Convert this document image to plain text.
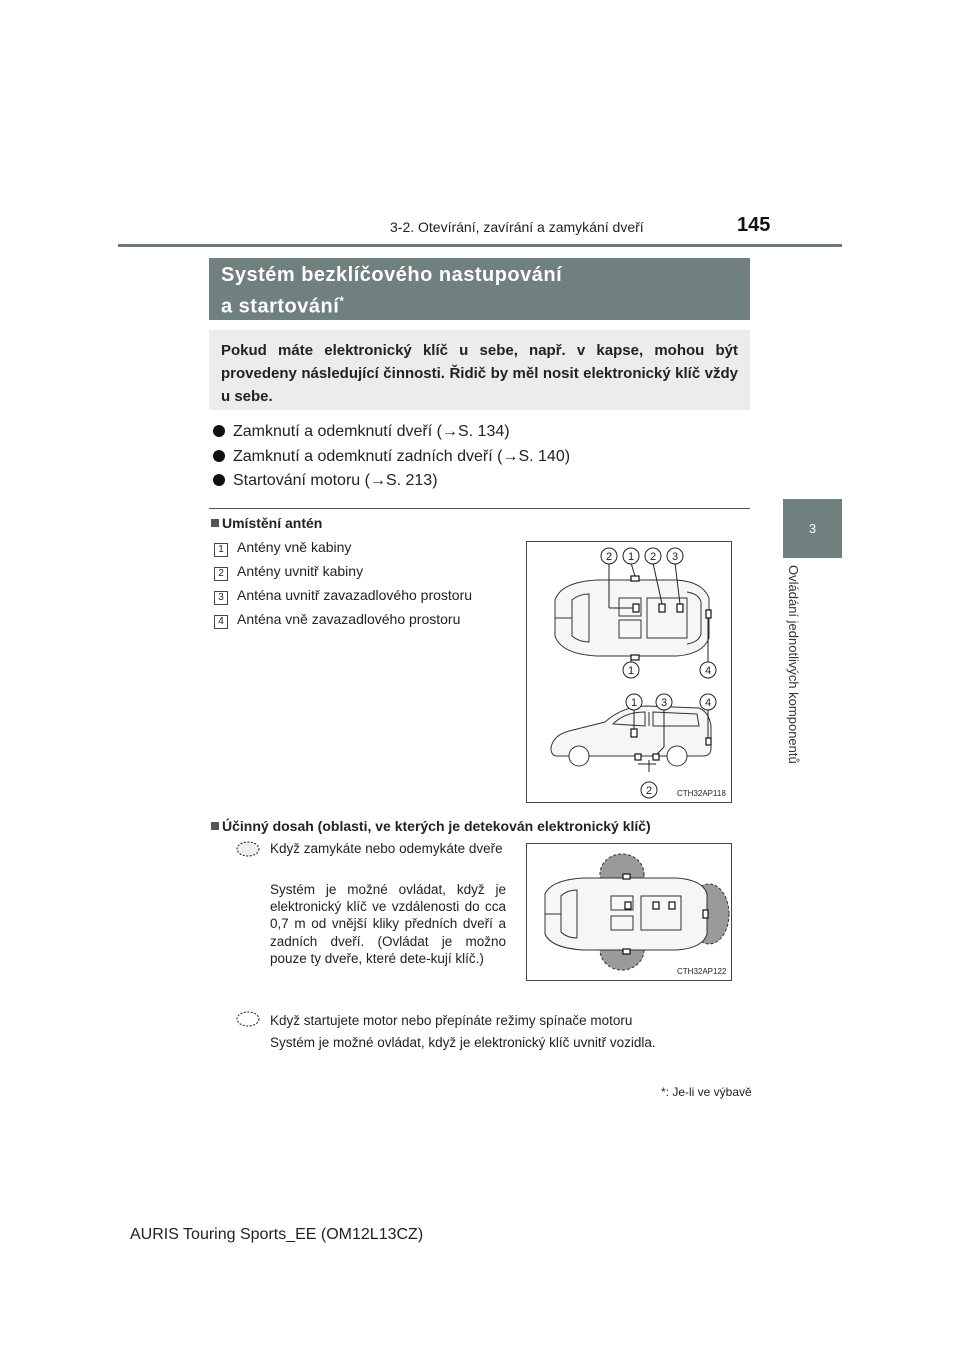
3-2. Otevírání, zavírání a zamykání dveří	145
3
Ovládání jednotlivých komponentů
Systém bezklíčového nastupování
a startování*
Pokud máte elektronický klíč u sebe, např. v kapse, mohou být provedeny následující činnosti. Řidič by měl nosit elektronický klíč vždy u sebe.
Zamknutí a odemknutí dveří (→S. 134)
Zamknutí a odemknutí zadních dveří (→S. 140)
Startování motoru (→S. 213)
Umístění antén
1 Antény vně kabiny
2 Antény uvnitř kabiny
3 Anténa uvnitř zavazadlového prostoru
4 Anténa vně zavazadlového prostoru
2 1 2 3
1	4
1 3	4
2	CTH32AP118
Účinný dosah (oblasti, ve kterých je detekován elektronický klíč)
Když zamykáte nebo odemykáte dveře
Systém je možné ovládat, když je elektronický klíč ve vzdálenosti do cca 0,7 m od vnější kliky předních dveří a zadních dveří. (Ovládat je možno pouze ty dveře, které dete-kují klíč.)
CTH32AP122
Když startujete motor nebo přepínáte režimy spínače motoru
Systém je možné ovládat, když je elektronický klíč uvnitř vozidla.
*: Je-li ve výbavě
AURIS Touring Sports_EE (OM12L13CZ)
